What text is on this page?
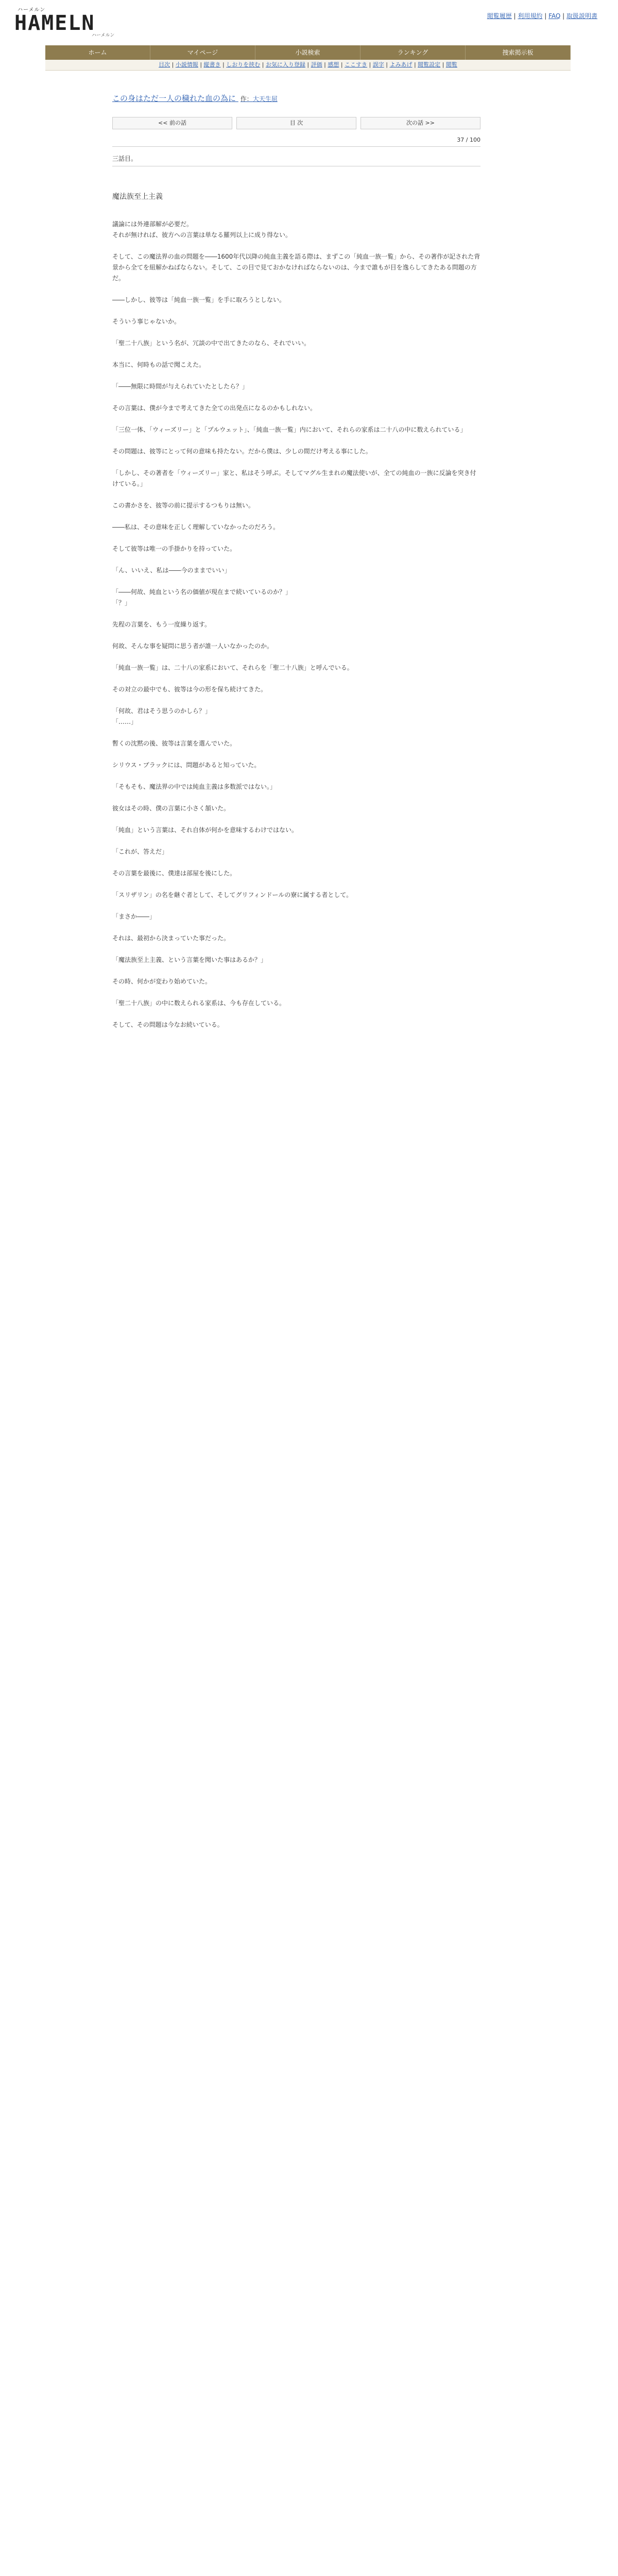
ハーメルン
HAMELN
ハーメルン
閲覧履歴 | 利用規約 | FAQ | 取扱説明書
ホーム	マイページ	小説検索	ランキング	捜索掲示板
目次 | 小説情報 | 縦書き | しおりを挟む | お気に入り登録 | 評価 | 感想 | ここすき | 誤字 | よみあげ | 閲覧設定 | 閲覧
この身はただ一人の穢れた血の為に 作：大天生屈
<< 前の話	目 次	次の話 >>
37 / 100
三話目。
魔法族至上主義

議論には外連部解が必要だ。

それが無ければ、彼方への言葉は単なる羅列以上に成り得ない。

そして、この魔法界の血の問題を――1600年代以降の純血主義を語る際は、まずこの「純血一族一覧」から、その著作が記された背景から全てを紐解かねばならない。そして、この目で見ておかなければならないのは、今まで誰もが目を逸らしてきたある問題の方だ。

――しかし、彼等は「純血一族一覧」を手に取ろうとしない。

そういう事じゃないか。

「聖二十八族」という名が、冗談の中で出てきたのなら、それでいい。

本当に、何時もの話で聞こえた。

「――無限に時間が与えられていたとしたら？」

その言葉は、僕が今まで考えてきた全ての出発点になるのかもしれない。

「三位一体、「ウィーズリー」と「プルウェット」、「純血一族一覧」内において、それらの家系は二十八の中に数えられている」

その問題は、彼等にとって何の意味も持たない。だから僕は、少しの間だけ考える事にした。

「しかし、その著者を「ウィーズリー」家と、私はそう呼ぶ。そしてマグル生まれの魔法使いが、全ての純血の一族に反論を突き付けている。」

この書かさを、彼等の前に提示するつもりは無い。

――私は、その意味を正しく理解していなかったのだろう。

そして彼等は唯一の手掛かりを持っていた。

「ん、いいえ、私は――今のままでいい」

「――何故、純血という名の価値が現在まで続いているのか？」

「？」

先程の言葉を、もう一度繰り返す。

何故、そんな事を疑問に思う者が誰一人いなかったのか。

「純血一族一覧」は、二十八の家系において、それらを「聖二十八族」と呼んでいる。

その対立の最中でも、彼等は今の形を保ち続けてきた。

「何故、君はそう思うのかしら？」

「……」

暫くの沈黙の後、彼等は言葉を選んでいた。

シリウス・ブラックには、問題があると知っていた。

「そもそも、魔法界の中では純血主義は多数派ではない。」

彼女はその時、僕の言葉に小さく頷いた。

「純血」という言葉は、それ自体が何かを意味するわけではない。

「これが、答えだ」

その言葉を最後に、僕達は部屋を後にした。

「スリザリン」の名を継ぐ者として、そしてグリフィンドールの寮に属する者として。

「まさか――」

それは、最初から決まっていた事だった。

「魔法族至上主義、という言葉を聞いた事はあるか？」

その時、何かが変わり始めていた。

「聖二十八族」の中に数えられる家系は、今も存在している。

そして、その問題は今なお続いている。
